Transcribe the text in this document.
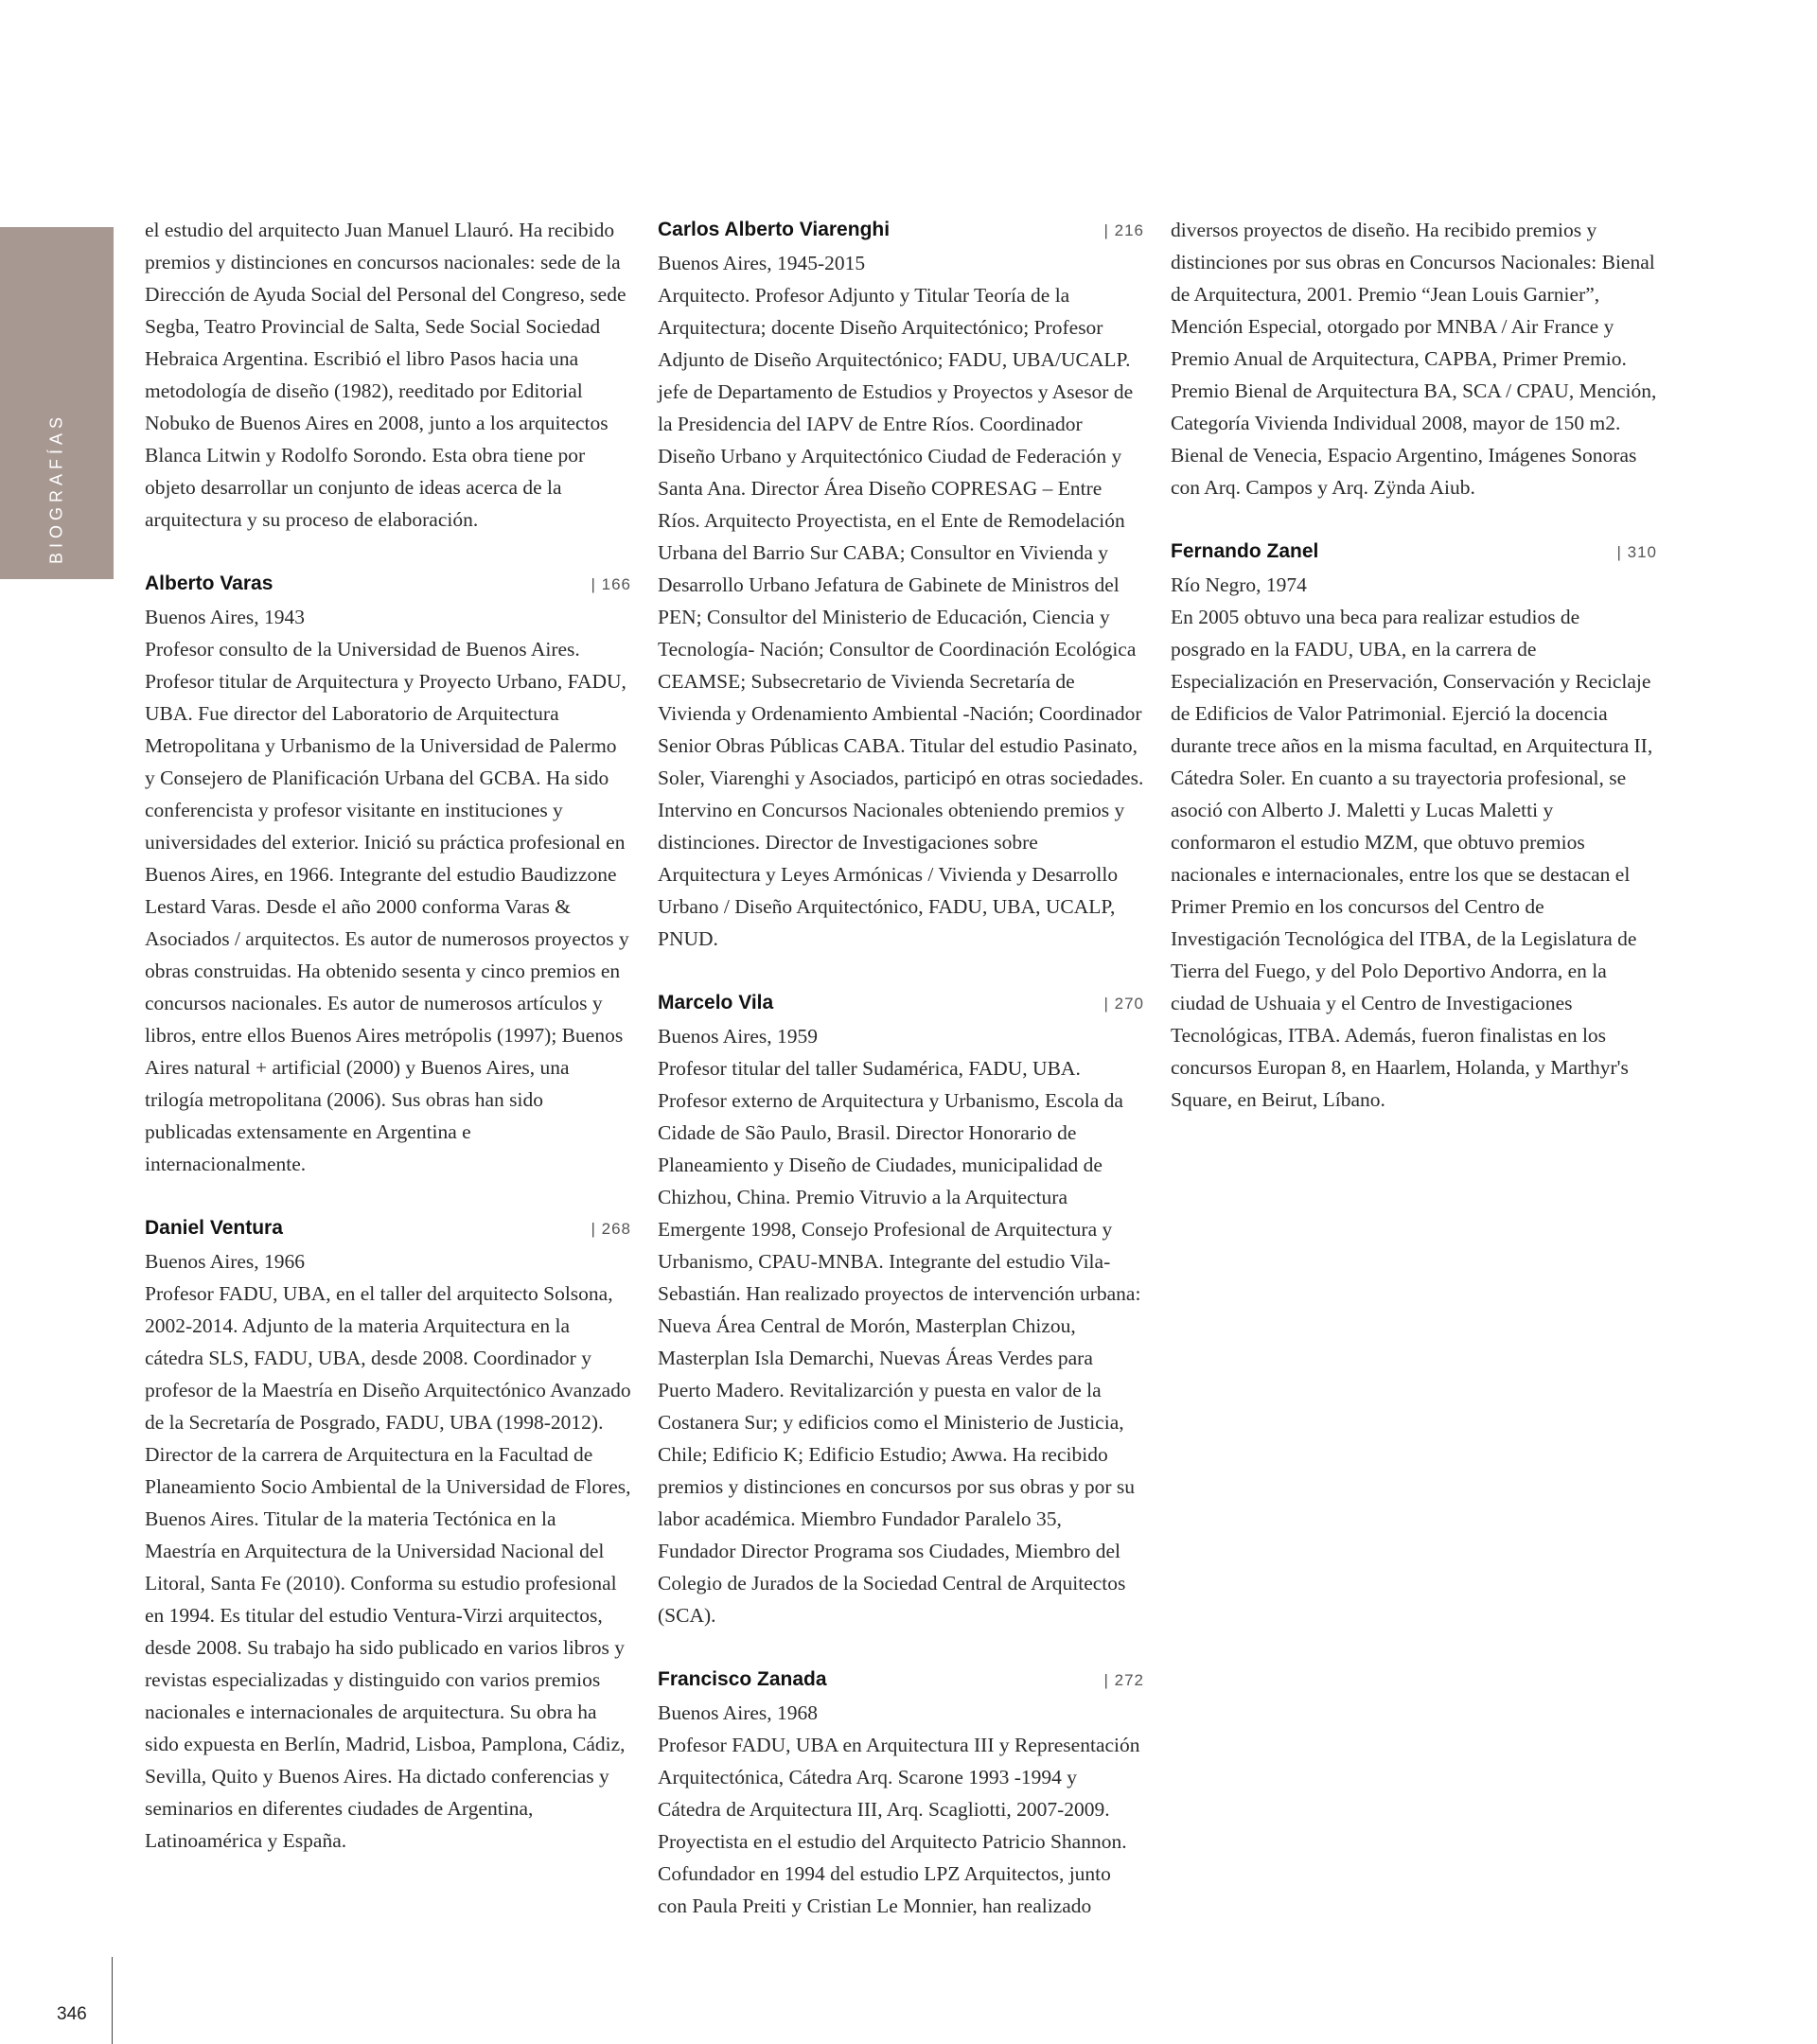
BIOGRAFÍAS
346

el estudio del arquitecto Juan Manuel Llauró. Ha recibido premios y distinciones en concursos nacionales: sede de la Dirección de Ayuda Social del Personal del Congreso, sede Segba, Teatro Provincial de Salta, Sede Social Sociedad Hebraica Argentina. Escribió el libro Pasos hacia una metodología de diseño (1982), reeditado por Editorial Nobuko de Buenos Aires en 2008, junto a los arquitectos Blanca Litwin y Rodolfo Sorondo. Esta obra tiene por objeto desarrollar un conjunto de ideas acerca de la arquitectura y su proceso de elaboración.

Alberto Varas	| 166
Buenos Aires, 1943

Profesor consulto de la Universidad de Buenos Aires. Profesor titular de Arquitectura y Proyecto Urbano, FADU, UBA. Fue director del Laboratorio de Arquitectura Metropolitana y Urbanismo de la Universidad de Palermo y Consejero de Planificación Urbana del GCBA. Ha sido conferencista y profesor visitante en instituciones y universidades del exterior. Inició su práctica profesional en Buenos Aires, en 1966. Integrante del estudio Baudizzone Lestard Varas. Desde el año 2000 conforma Varas & Asociados / arquitectos. Es autor de numerosos proyectos y obras construidas. Ha obtenido sesenta y cinco premios en concursos nacionales. Es autor de numerosos artículos y libros, entre ellos Buenos Aires metrópolis (1997); Buenos Aires natural + artificial (2000) y Buenos Aires, una trilogía metropolitana (2006). Sus obras han sido publicadas extensamente en Argentina e internacionalmente.

Daniel Ventura	| 268
Buenos Aires, 1966

Profesor FADU, UBA, en el taller del arquitecto Solsona, 2002-2014. Adjunto de la materia Arquitectura en la cátedra SLS, FADU, UBA, desde 2008. Coordinador y profesor de la Maestría en Diseño Arquitectónico Avanzado de la Secretaría de Posgrado, FADU, UBA (1998-2012). Director de la carrera de Arquitectura en la Facultad de Planeamiento Socio Ambiental de la Universidad de Flores, Buenos Aires. Titular de la materia Tectónica en la Maestría en Arquitectura de la Universidad Nacional del Litoral, Santa Fe (2010). Conforma su estudio profesional en 1994. Es titular del estudio Ventura-Virzi arquitectos, desde 2008. Su trabajo ha sido publicado en varios libros y revistas especializadas y distinguido con varios premios nacionales e internacionales de arquitectura. Su obra ha sido expuesta en Berlín, Madrid, Lisboa, Pamplona, Cádiz, Sevilla, Quito y Buenos Aires. Ha dictado conferencias y seminarios en diferentes ciudades de Argentina, Latinoamérica y España.

Carlos Alberto Viarenghi	| 216
Buenos Aires, 1945-2015

Arquitecto. Profesor Adjunto y Titular Teoría de la Arquitectura; docente Diseño Arquitectónico; Profesor Adjunto de Diseño Arquitectónico; FADU, UBA/UCALP. jefe de Departamento de Estudios y Proyectos y Asesor de la Presidencia del IAPV de Entre Ríos. Coordinador Diseño Urbano y Arquitectónico Ciudad de Federación y Santa Ana. Director Área Diseño COPRESAG – Entre Ríos. Arquitecto Proyectista, en el Ente de Remodelación Urbana del Barrio Sur CABA; Consultor en Vivienda y Desarrollo Urbano Jefatura de Gabinete de Ministros del PEN; Consultor del Ministerio de Educación, Ciencia y Tecnología- Nación; Consultor de Coordinación Ecológica CEAMSE; Subsecretario de Vivienda Secretaría de Vivienda y Ordenamiento Ambiental -Nación; Coordinador Senior Obras Públicas CABA. Titular del estudio Pasinato, Soler, Viarenghi y Asociados, participó en otras sociedades. Intervino en Concursos Nacionales obteniendo premios y distinciones. Director de Investigaciones sobre Arquitectura y Leyes Armónicas / Vivienda y Desarrollo Urbano / Diseño Arquitectónico, FADU, UBA, UCALP, PNUD.

Marcelo Vila	| 270
Buenos Aires, 1959

Profesor titular del taller Sudamérica, FADU, UBA. Profesor externo de Arquitectura y Urbanismo, Escola da Cidade de São Paulo, Brasil. Director Honorario de Planeamiento y Diseño de Ciudades, municipalidad de Chizhou, China. Premio Vitruvio a la Arquitectura Emergente 1998, Consejo Profesional de Arquitectura y Urbanismo, CPAU-MNBA. Integrante del estudio Vila-Sebastián. Han realizado proyectos de intervención urbana: Nueva Área Central de Morón, Masterplan Chizou, Masterplan Isla Demarchi, Nuevas Áreas Verdes para Puerto Madero. Revitalizarción y puesta en valor de la Costanera Sur; y edificios como el Ministerio de Justicia, Chile; Edificio K; Edificio Estudio; Awwa. Ha recibido premios y distinciones en concursos por sus obras y por su labor académica. Miembro Fundador Paralelo 35, Fundador Director Programa sos Ciudades, Miembro del Colegio de Jurados de la Sociedad Central de Arquitectos (SCA).

Francisco Zanada	| 272
Buenos Aires, 1968

Profesor FADU, UBA en Arquitectura III y Representación Arquitectónica, Cátedra Arq. Scarone 1993 -1994 y Cátedra de Arquitectura III, Arq. Scagliotti, 2007-2009. Proyectista en el estudio del Arquitecto Patricio Shannon. Cofundador en 1994 del estudio LPZ Arquitectos, junto con Paula Preiti y Cristian Le Monnier, han realizado

diversos proyectos de diseño. Ha recibido premios y distinciones por sus obras en Concursos Nacionales: Bienal de Arquitectura, 2001. Premio “Jean Louis Garnier”, Mención Especial, otorgado por MNBA / Air France y Premio Anual de Arquitectura, CAPBA, Primer Premio. Premio Bienal de Arquitectura BA, SCA / CPAU, Mención, Categoría Vivienda Individual 2008, mayor de 150 m2. Bienal de Venecia, Espacio Argentino, Imágenes Sonoras con Arq. Campos y Arq. Zÿnda Aiub.

Fernando Zanel	| 310
Río Negro, 1974

En 2005 obtuvo una beca para realizar estudios de posgrado en la FADU, UBA, en la carrera de Especialización en Preservación, Conservación y Reciclaje de Edificios de Valor Patrimonial. Ejerció la docencia durante trece años en la misma facultad, en Arquitectura II, Cátedra Soler. En cuanto a su trayectoria profesional, se asoció con Alberto J. Maletti y Lucas Maletti y conformaron el estudio MZM, que obtuvo premios nacionales e internacionales, entre los que se destacan el Primer Premio en los concursos del Centro de Investigación Tecnológica del ITBA, de la Legislatura de Tierra del Fuego, y del Polo Deportivo Andorra, en la ciudad de Ushuaia y el Centro de Investigaciones Tecnológicas, ITBA. Además, fueron finalistas en los concursos Europan 8, en Haarlem, Holanda, y Marthyr's Square, en Beirut, Líbano.
